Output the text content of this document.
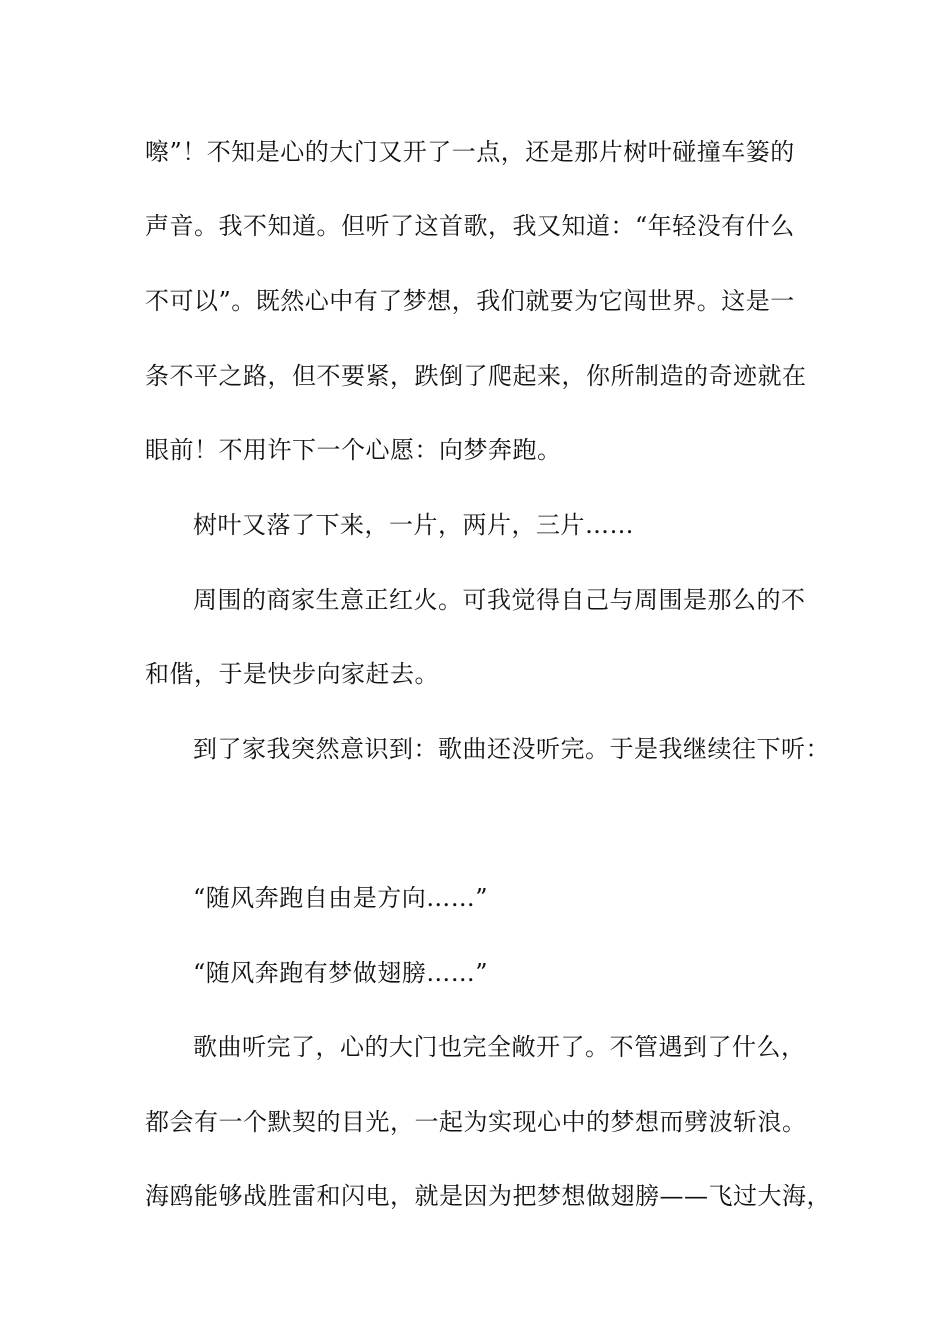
嚓”！不知是心的大门又开了一点，还是那片树叶碰撞车篓的
声音。我不知道。但听了这首歌，我又知道：“年轻没有什么
不可以”。既然心中有了梦想，我们就要为它闯世界。这是一
条不平之路，但不要紧，跌倒了爬起来，你所制造的奇迹就在
眼前！不用许下一个心愿：向梦奔跑。
树叶又落了下来，一片，两片，三片……
周围的商家生意正红火。可我觉得自己与周围是那么的不
和偕，于是快步向家赶去。
到了家我突然意识到：歌曲还没听完。于是我继续往下听：
“随风奔跑自由是方向……”
“随风奔跑有梦做翅膀……”
歌曲听完了，心的大门也完全敞开了。不管遇到了什么，
都会有一个默契的目光，一起为实现心中的梦想而劈波斩浪。
海鸥能够战胜雷和闪电，就是因为把梦想做翅膀——飞过大海，
